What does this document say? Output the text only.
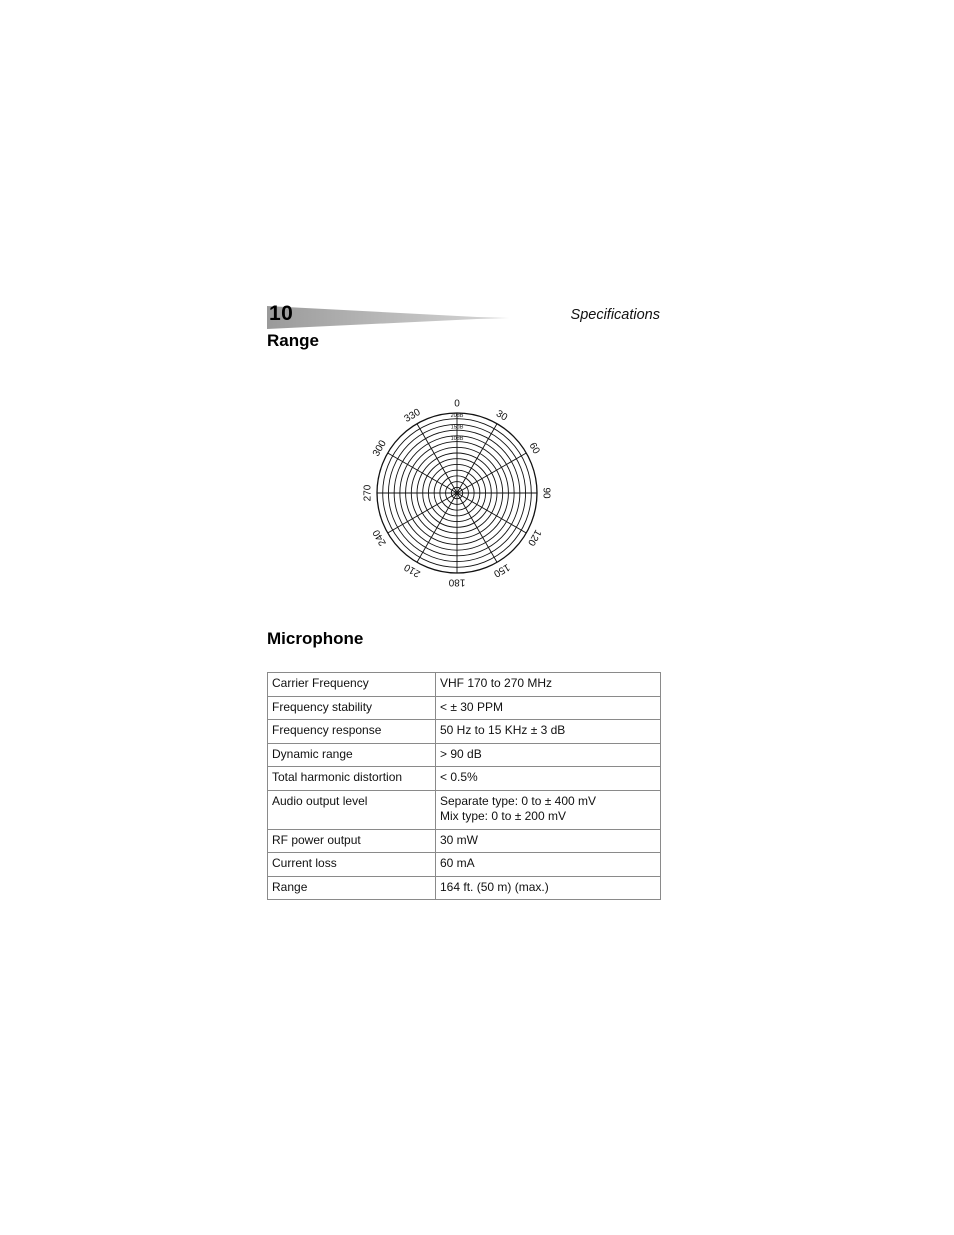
10	Specifications
Range
0
30
60
90
120
150
180
210
240
270
300
330	20dB
15dB
10dB
Microphone
Carrier Frequency	VHF 170 to 270 MHz

Frequency stability	< ± 30 PPM

Frequency response	50 Hz to 15 KHz ± 3 dB

Dynamic range	> 90 dB

Total harmonic distortion	< 0.5%

Audio output level	Separate type: 0 to ± 400 mV
Mix type: 0 to ± 200 mV

RF power output	30 mW

Current loss	60 mA

Range	164 ft. (50 m) (max.)
